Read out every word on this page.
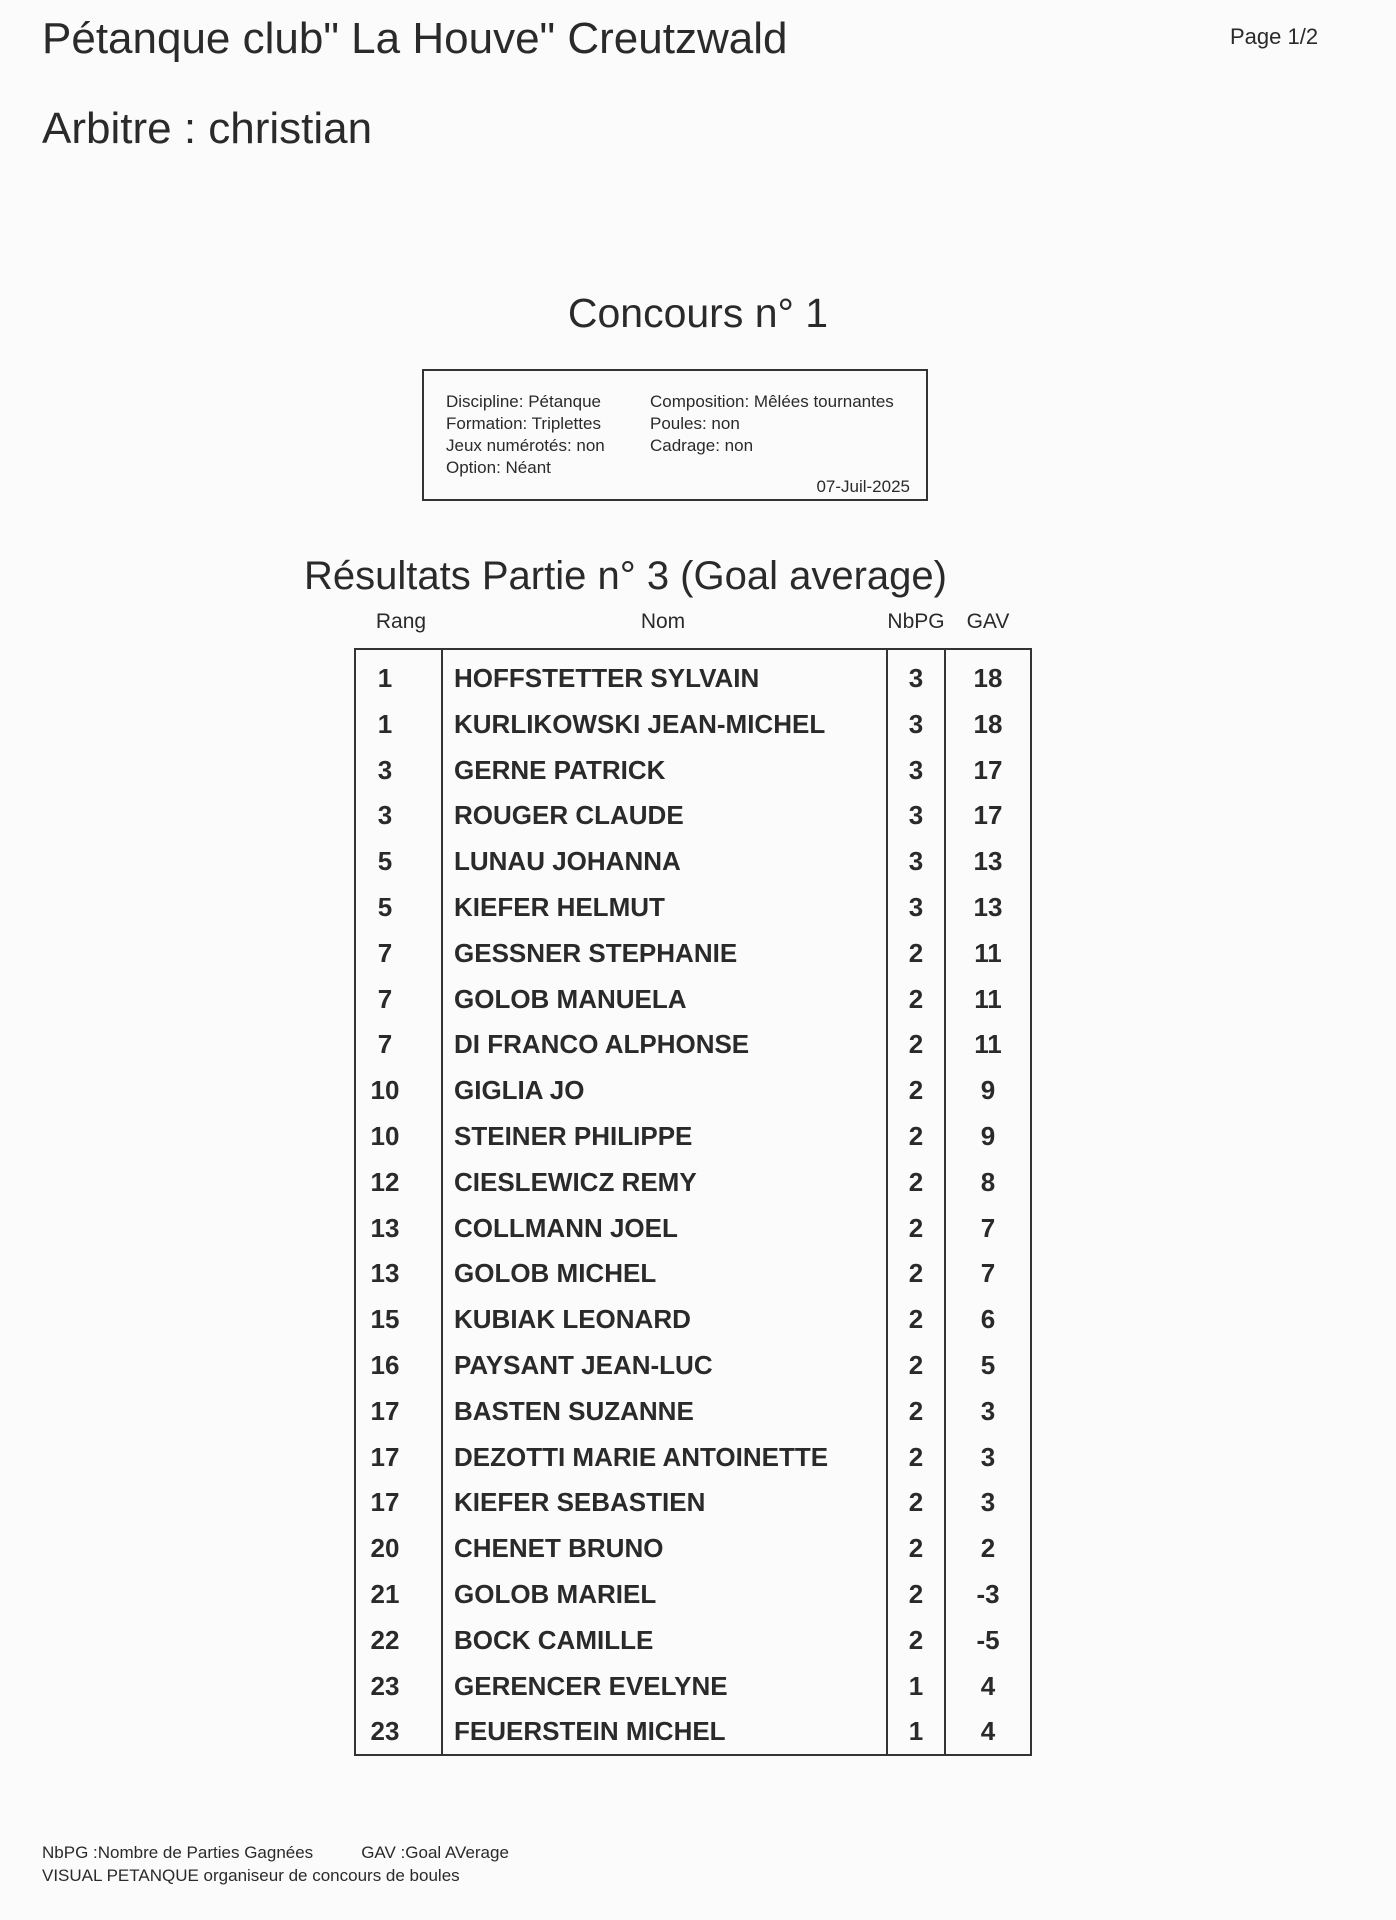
Pétanque club" La Houve" Creutzwald	Page 1/2
Arbitre : christian
Concours n° 1
Discipline: Pétanque
Formation: Triplettes
Jeux numérotés: non
Option: Néant
Composition: Mêlées tournantes
Poules: non
Cadrage: non
07-Juil-2025
Résultats Partie n° 3 (Goal average)
Rang	Nom	NbPG	GAV
1	HOFFSTETTER SYLVAIN	3	18
1	KURLIKOWSKI JEAN-MICHEL	3	18
3	GERNE PATRICK	3	17
3	ROUGER CLAUDE	3	17
5	LUNAU JOHANNA	3	13
5	KIEFER HELMUT	3	13
7	GESSNER STEPHANIE	2	11
7	GOLOB MANUELA	2	11
7	DI FRANCO ALPHONSE	2	11
10	GIGLIA JO	2	9
10	STEINER PHILIPPE	2	9
12	CIESLEWICZ REMY	2	8
13	COLLMANN JOEL	2	7
13	GOLOB MICHEL	2	7
15	KUBIAK LEONARD	2	6
16	PAYSANT JEAN-LUC	2	5
17	BASTEN SUZANNE	2	3
17	DEZOTTI MARIE ANTOINETTE	2	3
17	KIEFER SEBASTIEN	2	3
20	CHENET BRUNO	2	2
21	GOLOB MARIEL	2	-3
22	BOCK CAMILLE	2	-5
23	GERENCER EVELYNE	1	4
23	FEUERSTEIN MICHEL	1	4
NbPG :Nombre de Parties Gagnées	GAV :Goal AVerage
VISUAL PETANQUE organiseur de concours de boules
